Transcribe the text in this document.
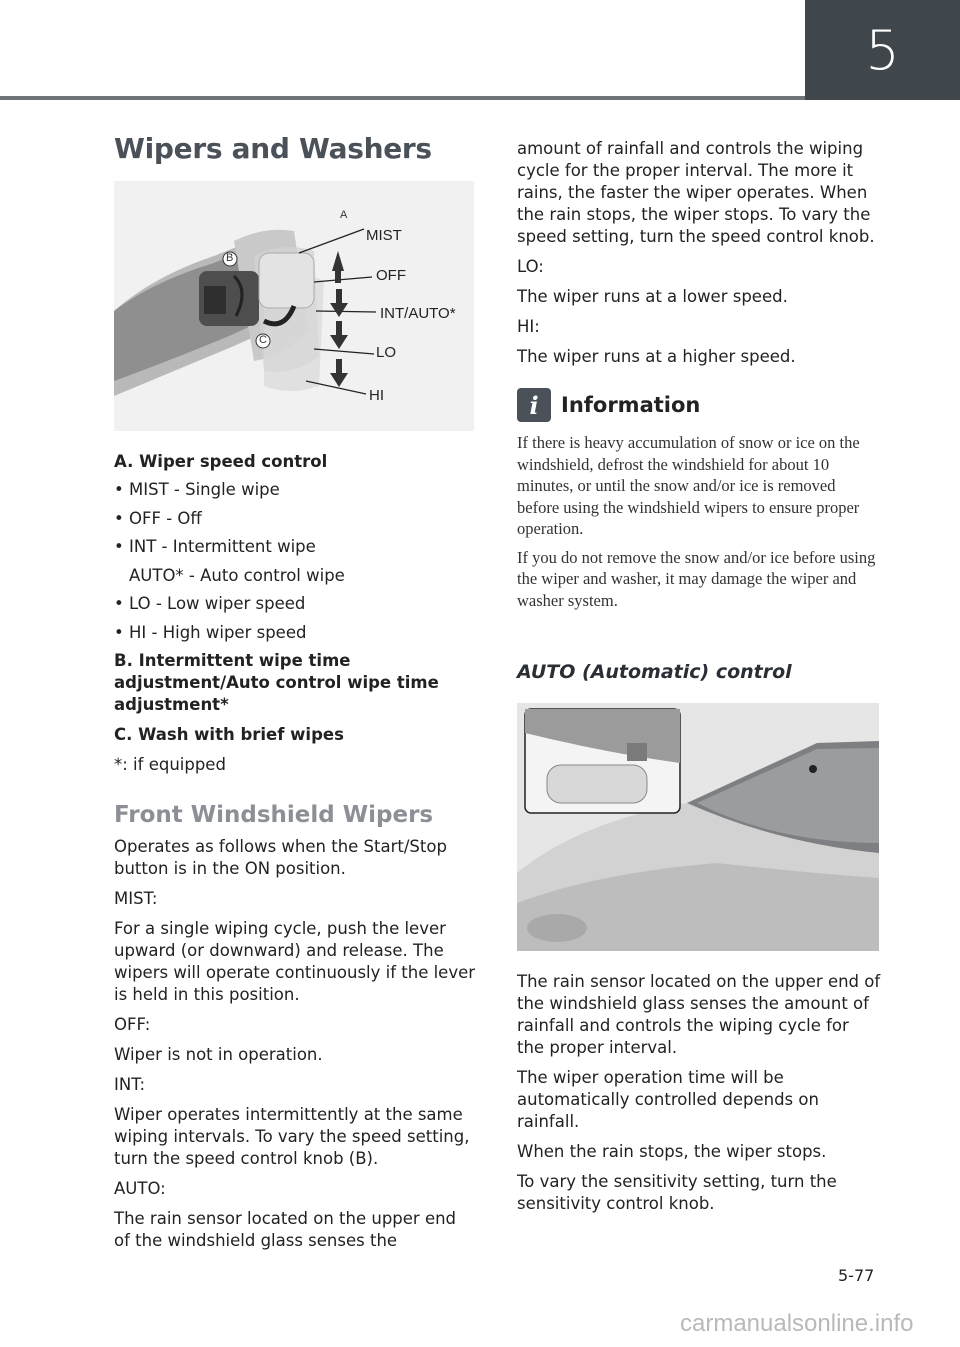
5
Wipers and Washers
A
B
C
MIST
OFF
INT/AUTO*
LO
HI
A. Wiper speed control
• MIST - Single wipe
• OFF - Off
• INT - Intermittent wipe
AUTO* - Auto control wipe
• LO - Low wiper speed
• HI - High wiper speed
B. Intermittent wipe time adjustment/Auto control wipe time adjustment*
C. Wash with brief wipes

*: if equipped

Front Windshield Wipers

Operates as follows when the Start/Stop button is in the ON position.

MIST:

For a single wiping cycle, push the lever upward (or downward) and release. The wipers will operate continuously if the lever is held in this position.

OFF:

Wiper is not in operation.

INT:

Wiper operates intermittently at the same wiping intervals. To vary the speed setting, turn the speed control knob (B).

AUTO:

The rain sensor located on the upper end of the windshield glass senses the

amount of rainfall and controls the wiping cycle for the proper interval. The more it rains, the faster the wiper operates. When the rain stops, the wiper stops. To vary the speed setting, turn the speed control knob.

LO:

The wiper runs at a lower speed.

HI:

The wiper runs at a higher speed.

i	Information

If there is heavy accumulation of snow or ice on the windshield, defrost the windshield for about 10 minutes, or until the snow and/or ice is removed before using the windshield wipers to ensure proper operation.

If you do not remove the snow and/or ice before using the wiper and washer, it may damage the wiper and washer system.

AUTO (Automatic) control

The rain sensor located on the upper end of the windshield glass senses the amount of rainfall and controls the wiping cycle for the proper interval.

The wiper operation time will be automatically controlled depends on rainfall.

When the rain stops, the wiper stops.

To vary the sensitivity setting, turn the sensitivity control knob.

5-77
carmanualsonline.info
